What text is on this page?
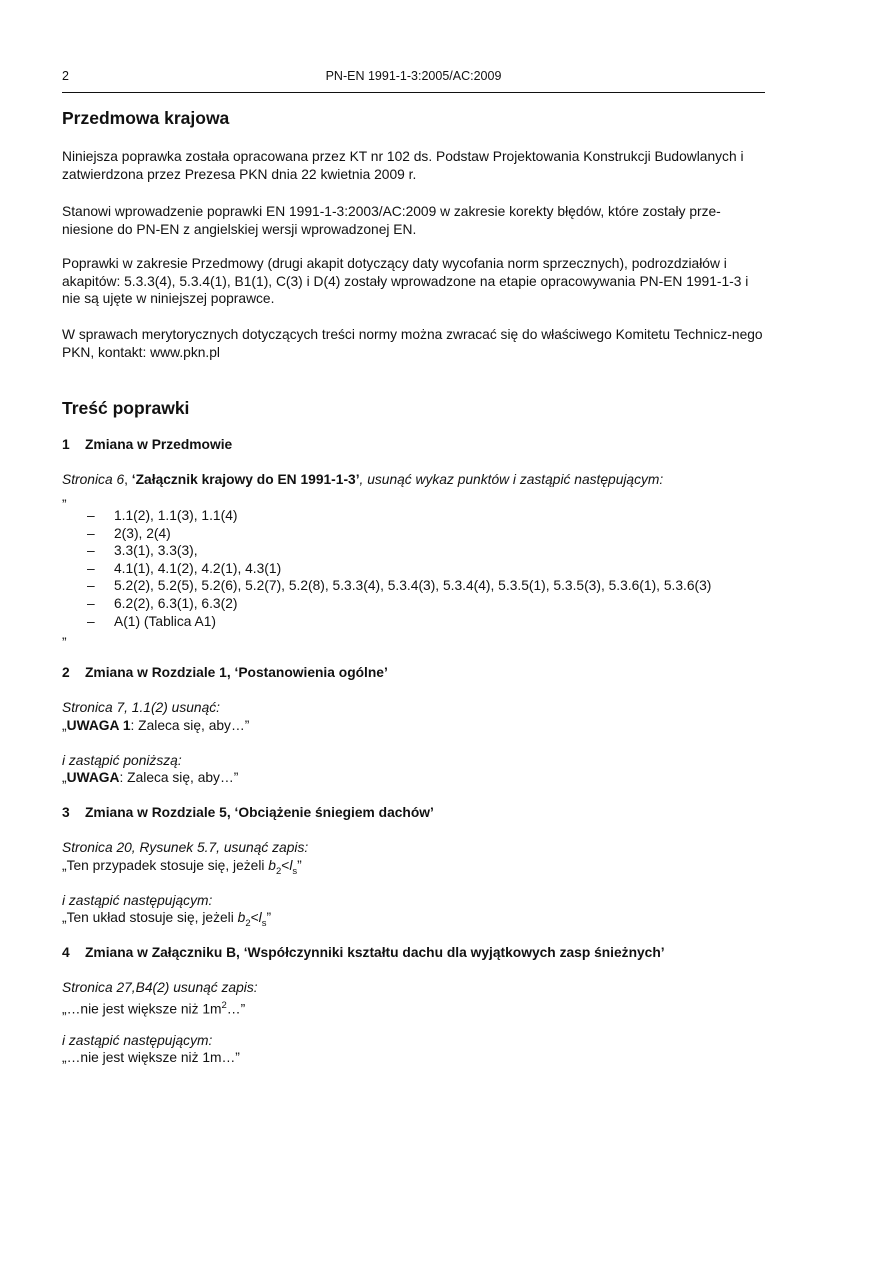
2	PN-EN 1991-1-3:2005/AC:2009
Przedmowa krajowa

Niniejsza poprawka została opracowana przez KT nr 102 ds. Podstaw Projektowania Konstrukcji Budowlanych i zatwierdzona przez Prezesa PKN dnia 22 kwietnia 2009 r.

Stanowi wprowadzenie poprawki EN 1991-1-3:2003/AC:2009 w zakresie korekty błędów, które zostały prze-niesione do PN-EN z angielskiej wersji wprowadzonej EN.

Poprawki w zakresie Przedmowy (drugi akapit dotyczący daty wycofania norm sprzecznych), podrozdziałów i akapitów: 5.3.3(4), 5.3.4(1), B1(1), C(3) i D(4) zostały wprowadzone na etapie opracowywania PN-EN 1991-1-3 i nie są ujęte w niniejszej poprawce.

W sprawach merytorycznych dotyczących treści normy można zwracać się do właściwego Komitetu Technicz-nego PKN, kontakt: www.pkn.pl

Treść poprawki
1 Zmiana w Przedmowie
Stronica 6, ‘Załącznik krajowy do EN 1991-1-3’, usunąć wykaz punktów i zastąpić następującym:
”
– 1.1(2), 1.1(3), 1.1(4)
– 2(3), 2(4)
– 3.3(1), 3.3(3),
– 4.1(1), 4.1(2), 4.2(1), 4.3(1)
– 5.2(2), 5.2(5), 5.2(6), 5.2(7), 5.2(8), 5.3.3(4), 5.3.4(3), 5.3.4(4), 5.3.5(1), 5.3.5(3), 5.3.6(1), 5.3.6(3)
– 6.2(2), 6.3(1), 6.3(2)
– A(1) (Tablica A1)
”
2 Zmiana w Rozdziale 1, ‘Postanowienia ogólne’
Stronica 7, 1.1(2) usunąć:
„UWAGA 1: Zaleca się, aby…”
i zastąpić poniższą:
„UWAGA: Zaleca się, aby…”
3 Zmiana w Rozdziale 5, ‘Obciążenie śniegiem dachów’
Stronica 20, Rysunek 5.7, usunąć zapis:
„Ten przypadek stosuje się, jeżeli $b_2<l_s$”
i zastąpić następującym:
„Ten układ stosuje się, jeżeli $b_2<l_s$”
4 Zmiana w Załączniku B, ‘Współczynniki kształtu dachu dla wyjątkowych zasp śnieżnych’
Stronica 27,B4(2) usunąć zapis:
„…nie jest większe niż $1m^2\dots$”
i zastąpić następującym:
„…nie jest większe niż 1m…”
